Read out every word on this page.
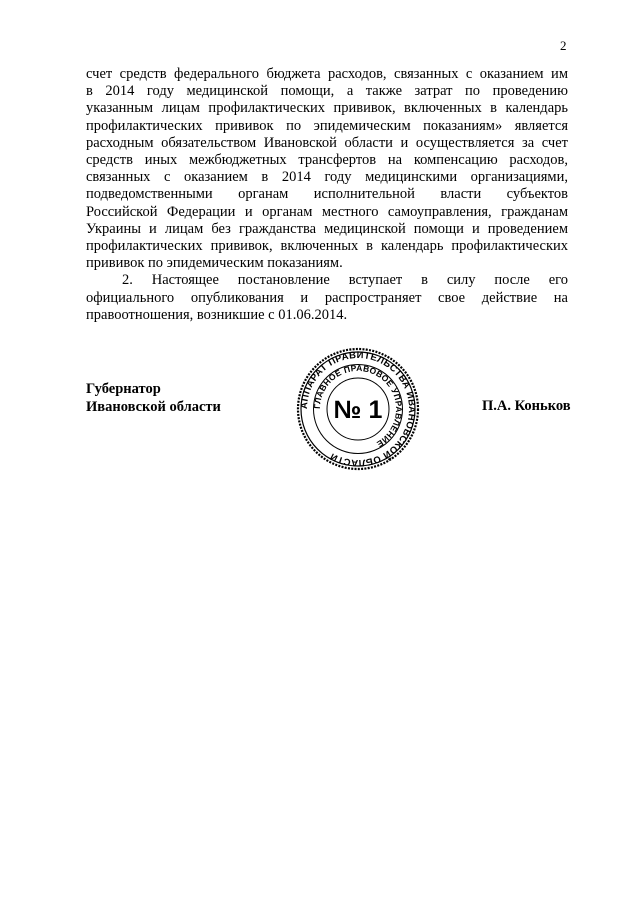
2
счет средств федерального бюджета расходов, связанных с оказанием им
в 2014 году медицинской помощи, а также затрат по проведению
указанным лицам профилактических прививок, включенных в календарь
профилактических прививок по эпидемическим показаниям» является
расходным обязательством Ивановской области и осуществляется за счет
средств иных межбюджетных трансфертов на компенсацию расходов,
связанных с оказанием в 2014 году медицинскими организациями,
подведомственными органам исполнительной власти субъектов
Российской Федерации и органам местного самоуправления, гражданам
Украины и лицам без гражданства медицинской помощи и проведением
профилактических прививок, включенных в календарь профилактических
прививок по эпидемическим показаниям.
2. Настоящее постановление вступает в силу после его
официального опубликования и распространяет свое действие на
правоотношения, возникшие с 01.06.2014.
Губернатор
Ивановской области	П.А. Коньков
АППАРАТ ПРАВИТЕЛЬСТВА ИВАНОВСКОЙ ОБЛАСТИ
ГЛАВНОЕ ПРАВОВОЕ УПРАВЛЕНИЕ
№ 1
